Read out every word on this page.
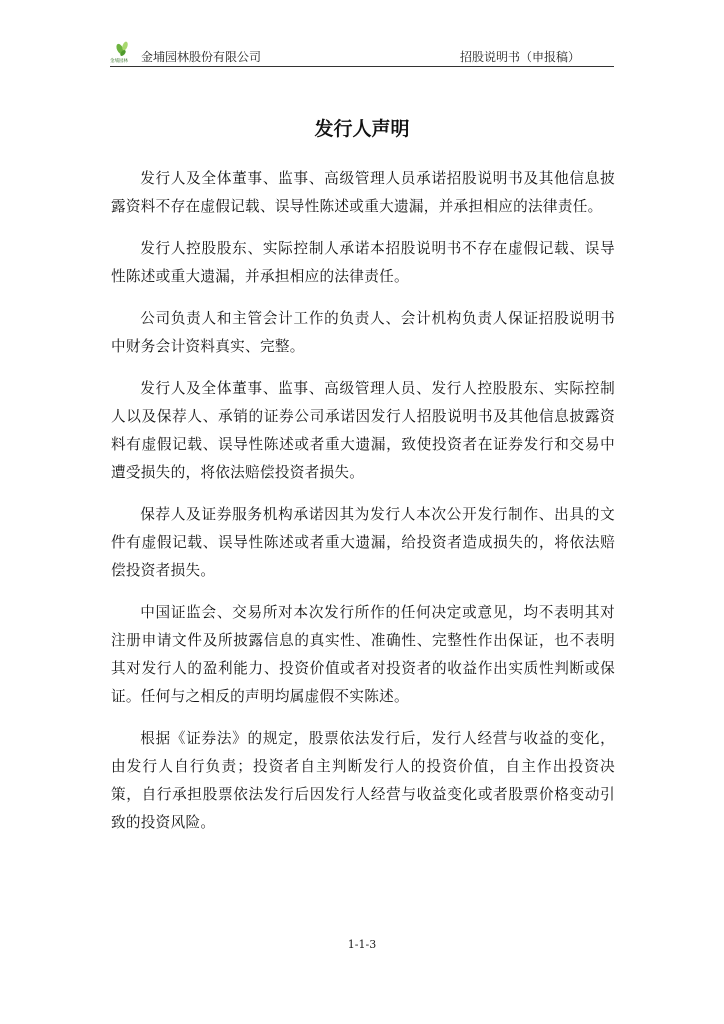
金埔园林 金埔园林股份有限公司	招股说明书（申报稿）
发行人声明

发行人及全体董事、监事、高级管理人员承诺招股说明书及其他信息披露资料不存在虚假记载、误导性陈述或重大遗漏，并承担相应的法律责任。

发行人控股股东、实际控制人承诺本招股说明书不存在虚假记载、误导性陈述或重大遗漏，并承担相应的法律责任。

公司负责人和主管会计工作的负责人、会计机构负责人保证招股说明书中财务会计资料真实、完整。

发行人及全体董事、监事、高级管理人员、发行人控股股东、实际控制人以及保荐人、承销的证券公司承诺因发行人招股说明书及其他信息披露资料有虚假记载、误导性陈述或者重大遗漏，致使投资者在证券发行和交易中遭受损失的，将依法赔偿投资者损失。

保荐人及证券服务机构承诺因其为发行人本次公开发行制作、出具的文件有虚假记载、误导性陈述或者重大遗漏，给投资者造成损失的，将依法赔偿投资者损失。

中国证监会、交易所对本次发行所作的任何决定或意见，均不表明其对注册申请文件及所披露信息的真实性、准确性、完整性作出保证，也不表明其对发行人的盈利能力、投资价值或者对投资者的收益作出实质性判断或保证。任何与之相反的声明均属虚假不实陈述。

根据《证券法》的规定，股票依法发行后，发行人经营与收益的变化，由发行人自行负责；投资者自主判断发行人的投资价值，自主作出投资决策，自行承担股票依法发行后因发行人经营与收益变化或者股票价格变动引致的投资风险。

1-1-3
